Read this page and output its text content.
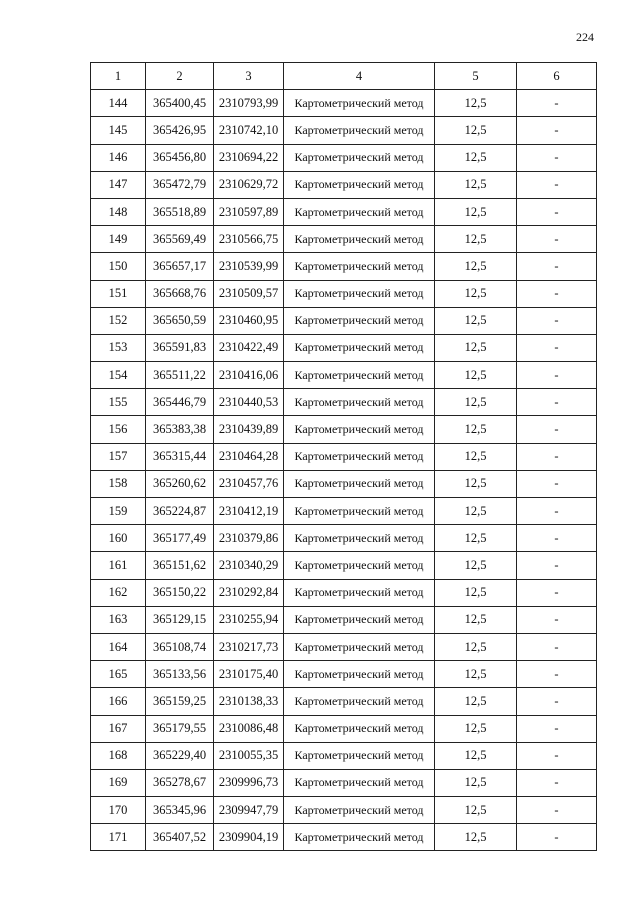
224
1	2	3	4	5	6
144	365400,45	2310793,99	Картометрический метод	12,5	-
145	365426,95	2310742,10	Картометрический метод	12,5	-
146	365456,80	2310694,22	Картометрический метод	12,5	-
147	365472,79	2310629,72	Картометрический метод	12,5	-
148	365518,89	2310597,89	Картометрический метод	12,5	-
149	365569,49	2310566,75	Картометрический метод	12,5	-
150	365657,17	2310539,99	Картометрический метод	12,5	-
151	365668,76	2310509,57	Картометрический метод	12,5	-
152	365650,59	2310460,95	Картометрический метод	12,5	-
153	365591,83	2310422,49	Картометрический метод	12,5	-
154	365511,22	2310416,06	Картометрический метод	12,5	-
155	365446,79	2310440,53	Картометрический метод	12,5	-
156	365383,38	2310439,89	Картометрический метод	12,5	-
157	365315,44	2310464,28	Картометрический метод	12,5	-
158	365260,62	2310457,76	Картометрический метод	12,5	-
159	365224,87	2310412,19	Картометрический метод	12,5	-
160	365177,49	2310379,86	Картометрический метод	12,5	-
161	365151,62	2310340,29	Картометрический метод	12,5	-
162	365150,22	2310292,84	Картометрический метод	12,5	-
163	365129,15	2310255,94	Картометрический метод	12,5	-
164	365108,74	2310217,73	Картометрический метод	12,5	-
165	365133,56	2310175,40	Картометрический метод	12,5	-
166	365159,25	2310138,33	Картометрический метод	12,5	-
167	365179,55	2310086,48	Картометрический метод	12,5	-
168	365229,40	2310055,35	Картометрический метод	12,5	-
169	365278,67	2309996,73	Картометрический метод	12,5	-
170	365345,96	2309947,79	Картометрический метод	12,5	-
171	365407,52	2309904,19	Картометрический метод	12,5	-
